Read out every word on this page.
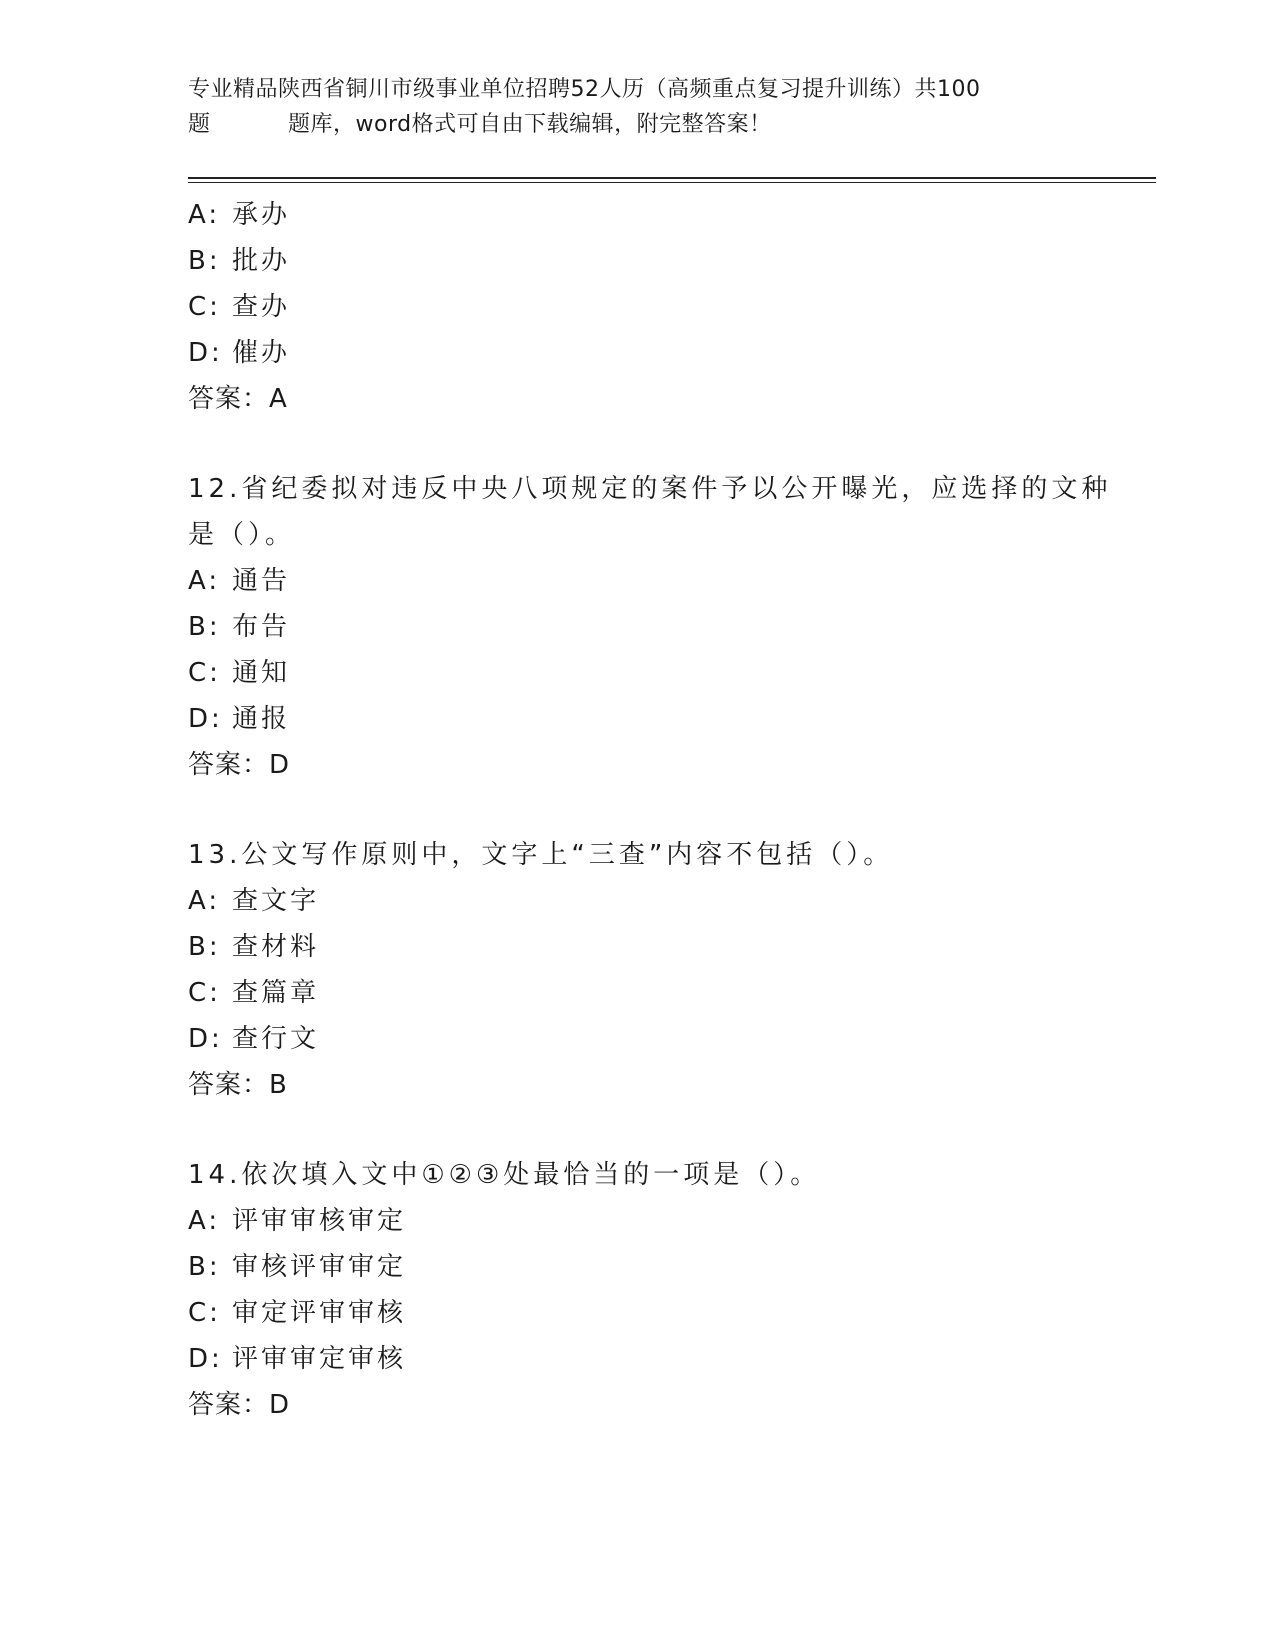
专业精品陕西省铜川市级事业单位招聘52人历（高频重点复习提升训练）共100
题	题库，word格式可自由下载编辑，附完整答案！
A: 承办
B: 批办
C: 查办
D: 催办
答案：A
12.省纪委拟对违反中央八项规定的案件予以公开曝光，应选择的文种
是（）。
A: 通告
B: 布告
C: 通知
D: 通报
答案：D
13.公文写作原则中，文字上“三查”内容不包括（）。
A: 查文字
B: 查材料
C: 查篇章
D: 查行文
答案：B
14.依次填入文中①②③处最恰当的一项是（）。
A: 评审审核审定
B: 审核评审审定
C: 审定评审审核
D: 评审审定审核
答案：D
